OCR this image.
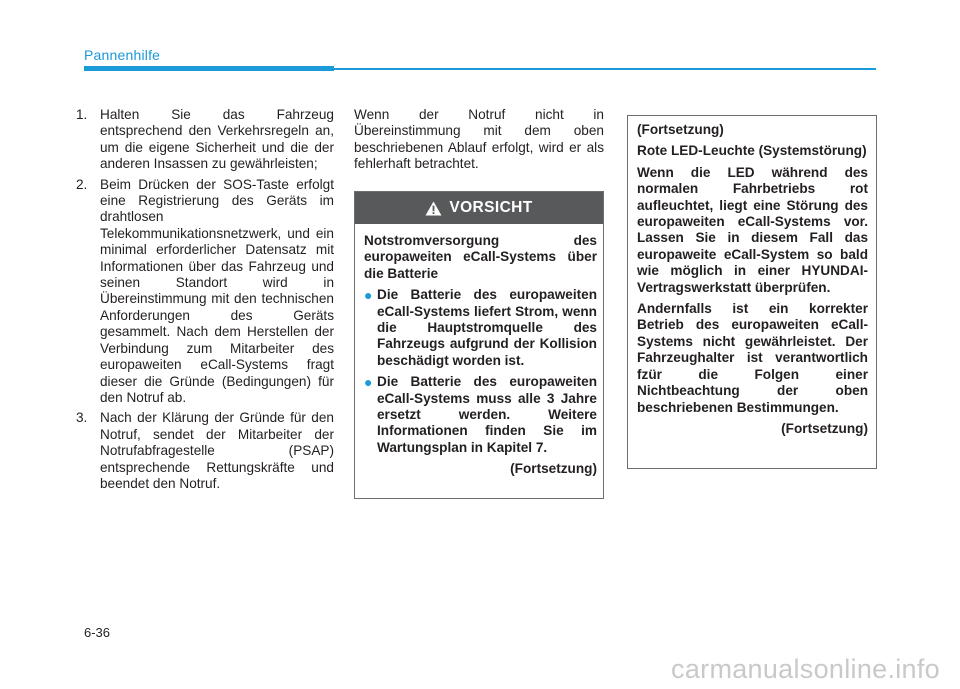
Pannenhilfe
1. Halten Sie das Fahrzeug entsprechend den Verkehrsregeln an, um die eigene Sicherheit und die der anderen Insassen zu gewährleisten;
2. Beim Drücken der SOS-Taste erfolgt eine Registrierung des Geräts im drahtlosen Telekommunikationsnetzwerk, und ein minimal erforderlicher Datensatz mit Informationen über das Fahrzeug und seinen Standort wird in Übereinstimmung mit den technischen Anforderungen des Geräts gesammelt. Nach dem Herstellen der Verbindung zum Mitarbeiter des europaweiten eCall-Systems fragt dieser die Gründe (Bedingungen) für den Notruf ab.
3. Nach der Klärung der Gründe für den Notruf, sendet der Mitarbeiter der Notrufabfragestelle (PSAP) entsprechende Rettungskräfte und beendet den Notruf.

Wenn der Notruf nicht in Übereinstimmung mit dem oben beschriebenen Ablauf erfolgt, wird er als fehlerhaft betrachtet.

VORSICHT

Notstromversorgung des europaweiten eCall-Systems über die Batterie

● Die Batterie des europaweiten eCall-Systems liefert Strom, wenn die Hauptstromquelle des Fahrzeugs aufgrund der Kollision beschädigt worden ist.
● Die Batterie des europaweiten eCall-Systems muss alle 3 Jahre ersetzt werden. Weitere Informationen finden Sie im Wartungsplan in Kapitel 7.

(Fortsetzung)

(Fortsetzung)

Rote LED-Leuchte (Systemstörung)

Wenn die LED während des normalen Fahrbetriebs rot aufleuchtet, liegt eine Störung des europaweiten eCall-Systems vor. Lassen Sie in diesem Fall das europaweite eCall-System so bald wie möglich in einer HYUNDAI-Vertragswerkstatt überprüfen.

Andernfalls ist ein korrekter Betrieb des europaweiten eCall-Systems nicht gewährleistet. Der Fahrzeughalter ist verantwortlich fzür die Folgen einer Nichtbeachtung der oben beschriebenen Bestimmungen.

(Fortsetzung)

6-36
carmanualsonline.info
